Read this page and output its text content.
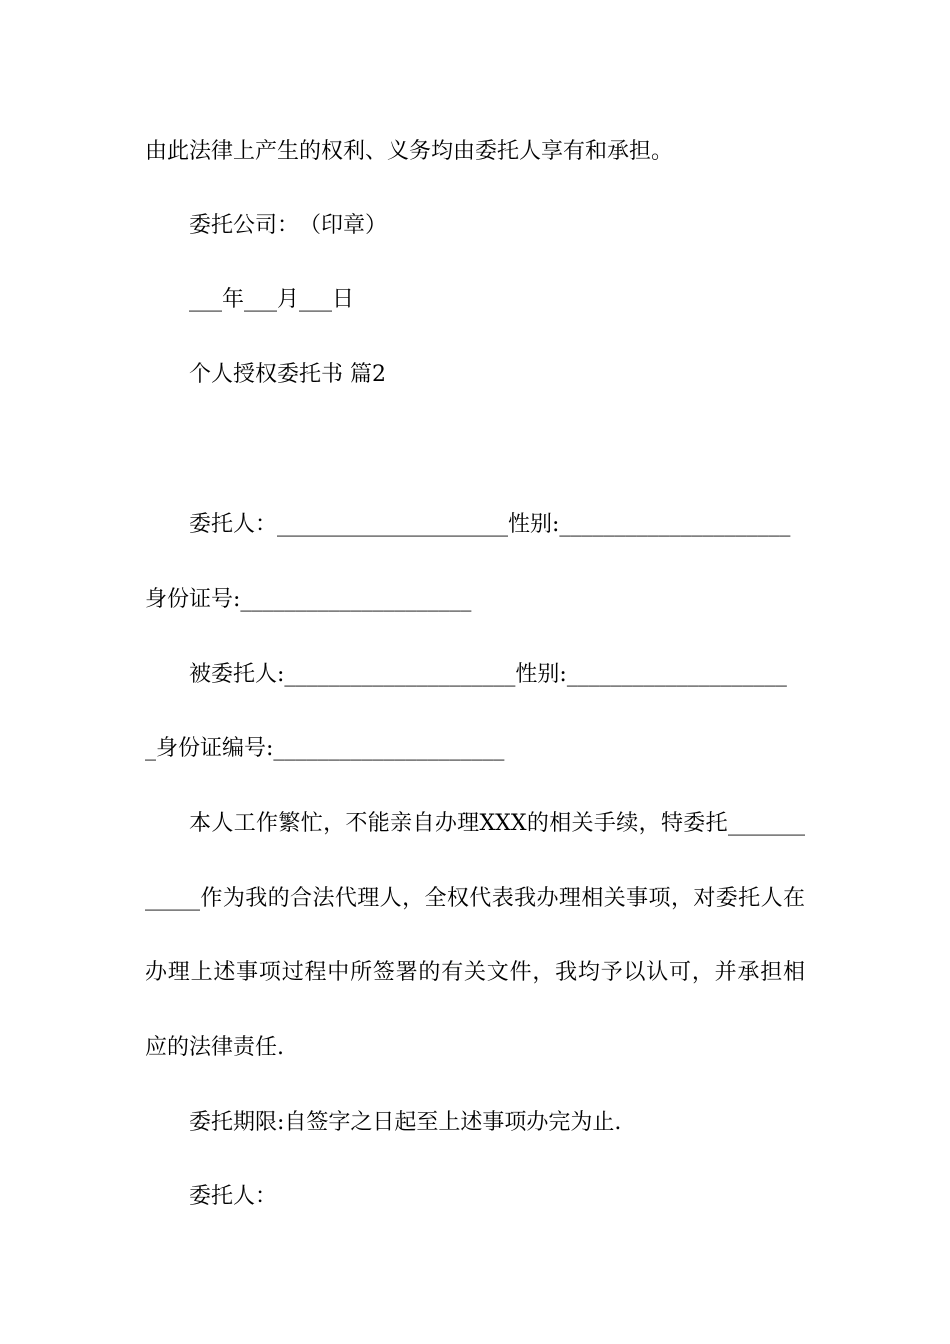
由此法律上产生的权利、义务均由委托人享有和承担。
委托公司：　（印章）
___年___月___日
个人授权委托书 篇2
委托人：_____________________性别:_____________________
身份证号:_____________________
被委托人:_____________________性别:____________________
_身份证编号:_____________________
本人工作繁忙，不能亲自办理XXX的相关手续，特委托_______
_____作为我的合法代理人，全权代表我办理相关事项，对委托人在
办理上述事项过程中所签署的有关文件，我均予以认可，并承担相
应的法律责任.
委托期限:自签字之日起至上述事项办完为止.
委托人：
